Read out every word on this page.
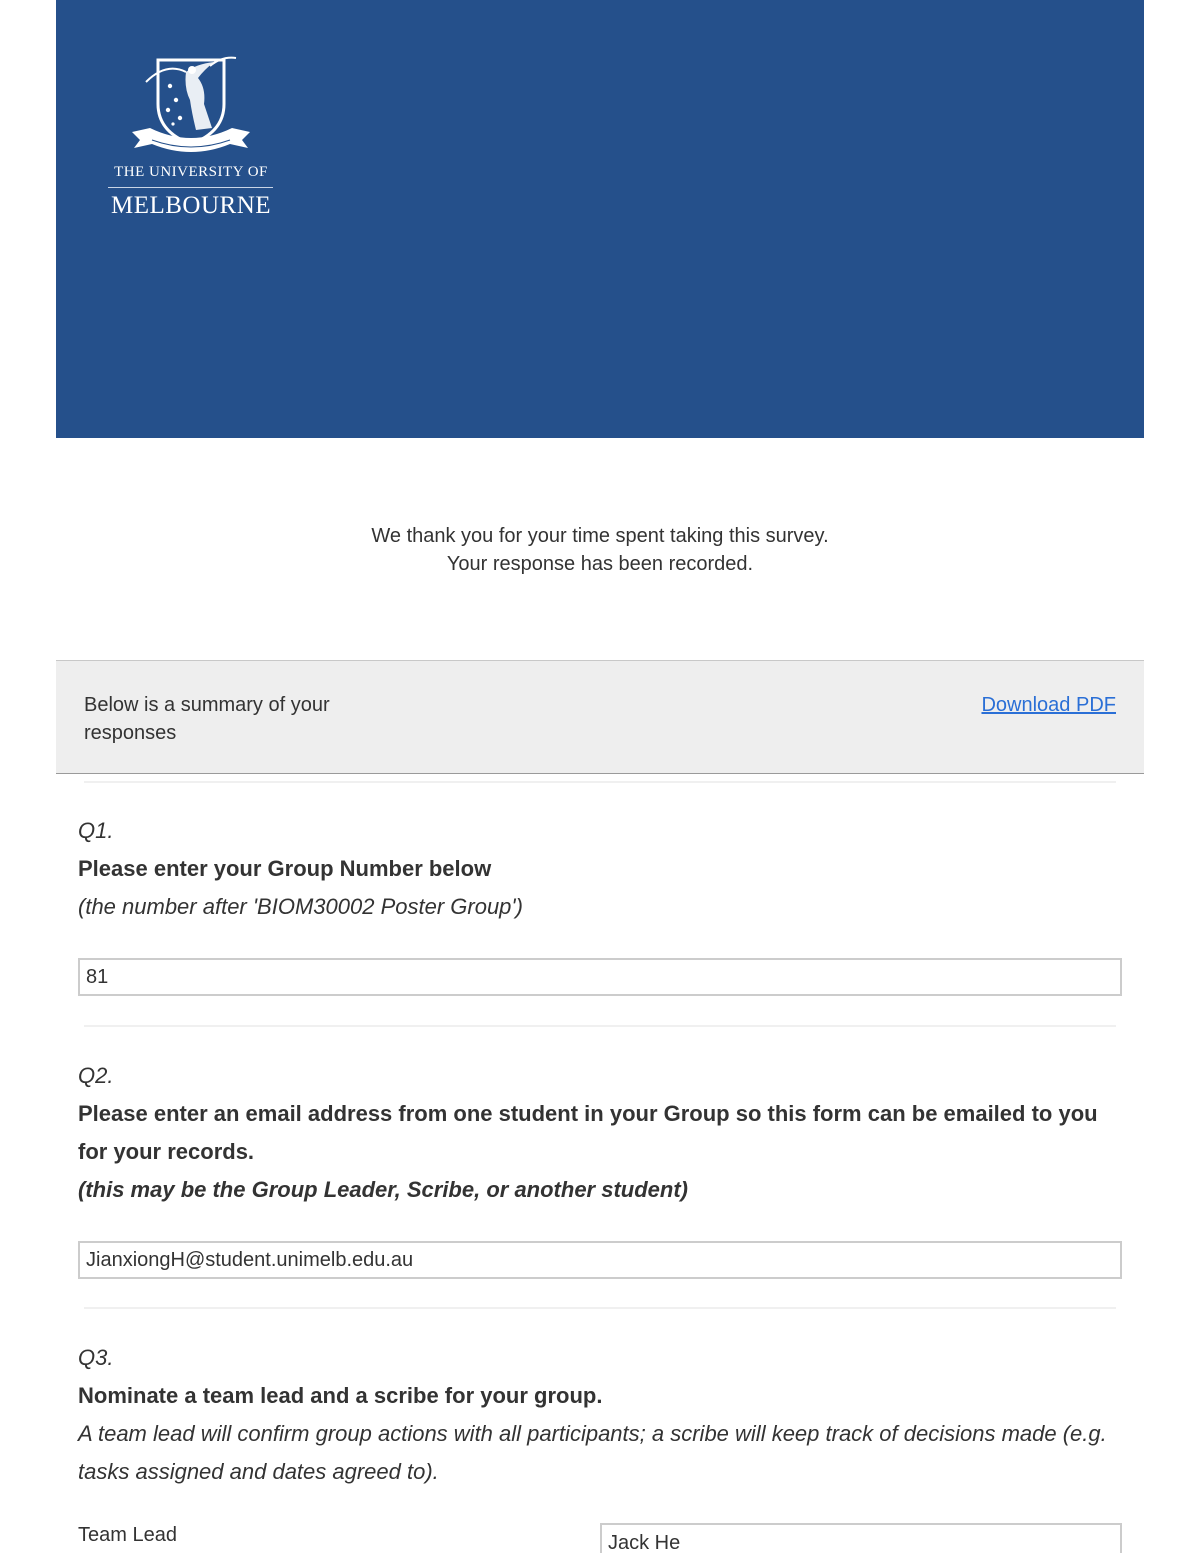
THE UNIVERSITY OF
MELBOURNE
We thank you for your time spent taking this survey.
Your response has been recorded.
Below is a summary of your responses
Download PDF
Q1.
Please enter your Group Number below
(the number after 'BIOM30002 Poster Group')
81
Q2.
Please enter an email address from one student in your Group so this form can be emailed to you for your records.
(this may be the Group Leader, Scribe, or another student)
JianxiongH@student.unimelb.edu.au
Q3.
Nominate a team lead and a scribe for your group.
A team lead will confirm group actions with all participants; a scribe will keep track of decisions made (e.g. tasks assigned and dates agreed to).
Team Lead	Jack He
